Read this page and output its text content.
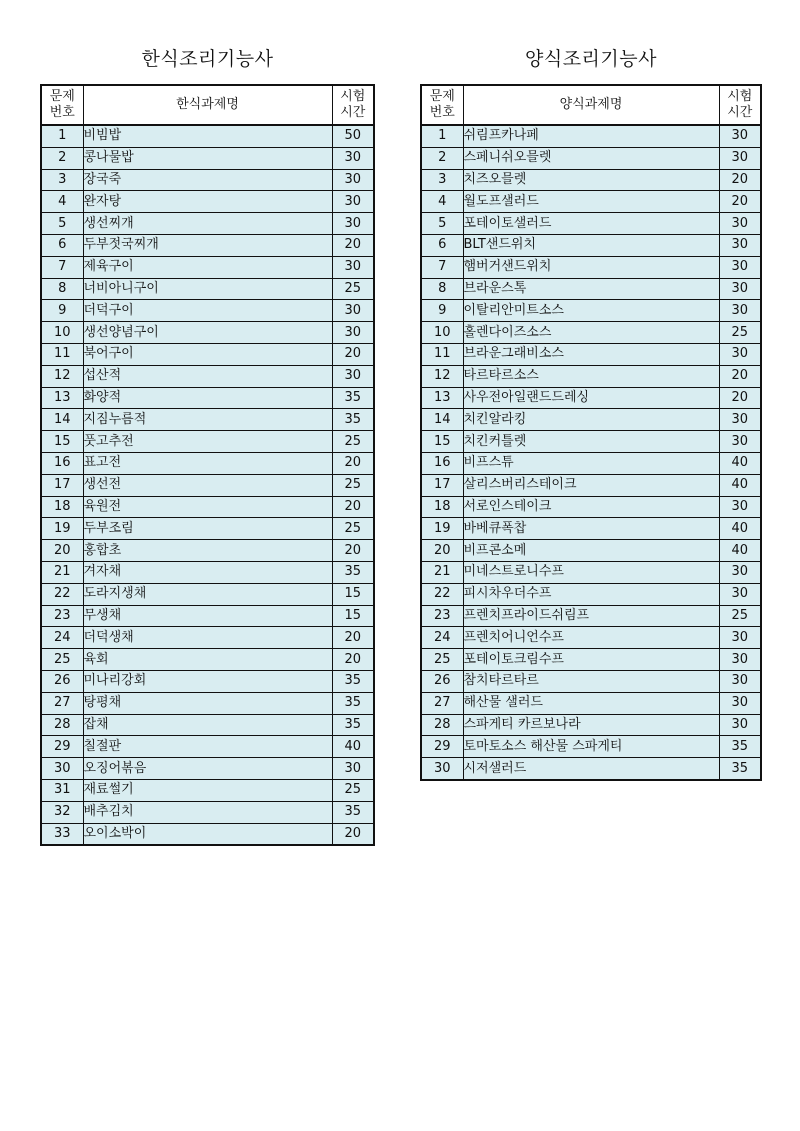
한식조리기능사	양식조리기능사
문제
번호	한식과제명	시험
시간
1	비빔밥	50
2	콩나물밥	30
3	장국죽	30
4	완자탕	30
5	생선찌개	30
6	두부젓국찌개	20
7	제육구이	30
8	너비아니구이	25
9	더덕구이	30
10	생선양념구이	30
11	북어구이	20
12	섭산적	30
13	화양적	35
14	지짐누름적	35
15	풋고추전	25
16	표고전	20
17	생선전	25
18	육원전	20
19	두부조림	25
20	홍합초	20
21	겨자채	35
22	도라지생채	15
23	무생채	15
24	더덕생채	20
25	육회	20
26	미나리강회	35
27	탕평채	35
28	잡채	35
29	칠절판	40
30	오징어볶음	30
31	재료썰기	25
32	배추김치	35
33	오이소박이	20
문제
번호	양식과제명	시험
시간
1	쉬림프카나페	30
2	스페니쉬오믈렛	30
3	치즈오믈렛	20
4	월도프샐러드	20
5	포테이토샐러드	30
6	BLT샌드위치	30
7	햄버거샌드위치	30
8	브라운스톡	30
9	이탈리안미트소스	30
10	홀렌다이즈소스	25
11	브라운그래비소스	30
12	타르타르소스	20
13	사우전아일랜드드레싱	20
14	치킨알라킹	30
15	치킨커틀렛	30
16	비프스튜	40
17	살리스버리스테이크	40
18	서로인스테이크	30
19	바베큐폭찹	40
20	비프콘소메	40
21	미네스트로니수프	30
22	피시차우더수프	30
23	프렌치프라이드쉬림프	25
24	프렌치어니언수프	30
25	포테이토크림수프	30
26	참치타르타르	30
27	해산물 샐러드	30
28	스파게티 카르보나라	30
29	토마토소스 해산물 스파게티	35
30	시저샐러드	35
